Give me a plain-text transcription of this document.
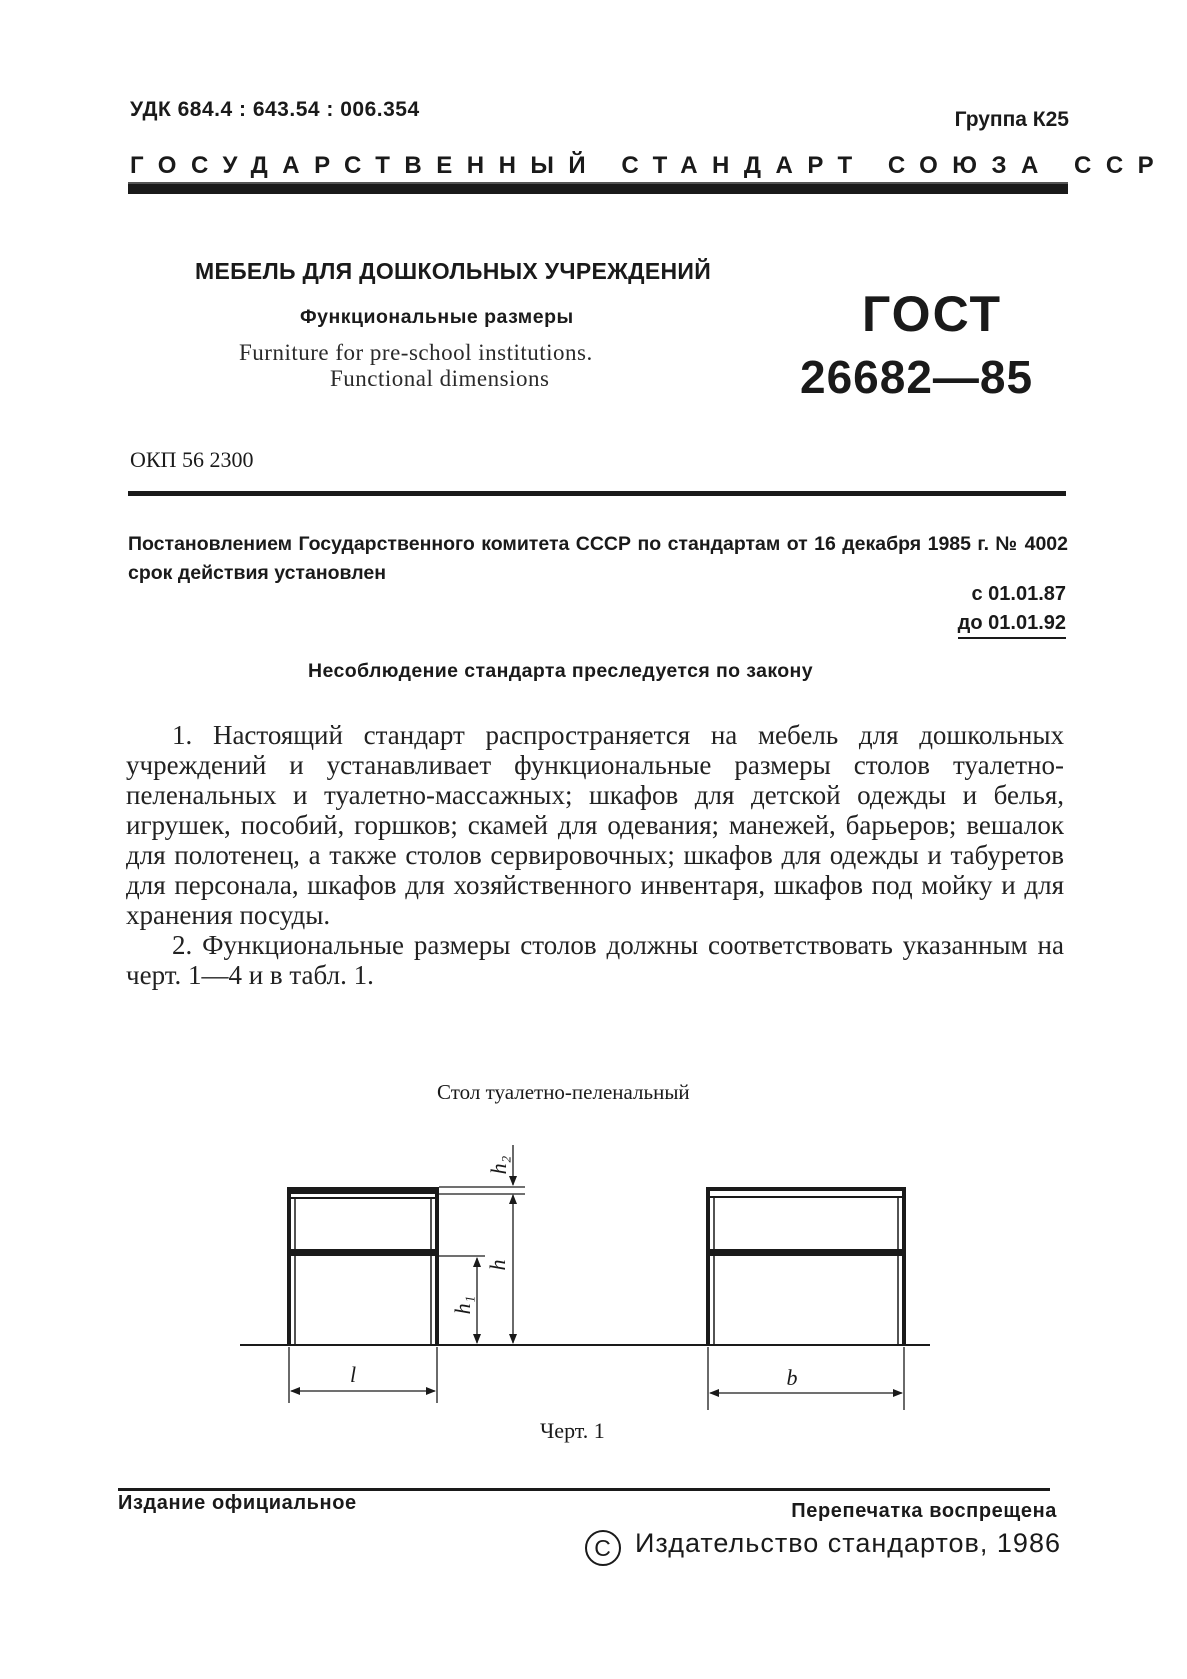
УДК 684.4 : 643.54 : 006.354	Группа К25
ГОСУДАРСТВЕННЫЙ СТАНДАРТ СОЮЗА ССР
МЕБЕЛЬ ДЛЯ ДОШКОЛЬНЫХ УЧРЕЖДЕНИЙ
Функциональные размеры
Furniture for pre-school institutions.
Functional dimensions
ГОСТ
26682—85
ОКП 56 2300
Постановлением Государственного комитета СССР по стандартам от 16 декабря 1985 г. № 4002 срок действия установлен
с 01.01.87
до 01.01.92
Несоблюдение стандарта преследуется по закону

1. Настоящий стандарт распространяется на мебель для дошкольных учреждений и устанавливает функциональные размеры столов туалетно-пеленальных и туалетно-массажных; шкафов для детской одежды и белья, игрушек, пособий, горшков; скамей для одевания; манежей, барьеров; вешалок для полотенец, а также столов сервировочных; шкафов для одежды и табуретов для персонала, шкафов для хозяйственного инвентаря, шкафов под мойку и для хранения посуды.

2. Функциональные размеры столов должны соответствовать указанным на черт. 1—4 и в табл. 1.

Стол туалетно-пеленальный
h₂
h
h₁
l	b
Черт. 1
Издание официальное	Перепечатка воспрещена
C Издательство стандартов, 1986
